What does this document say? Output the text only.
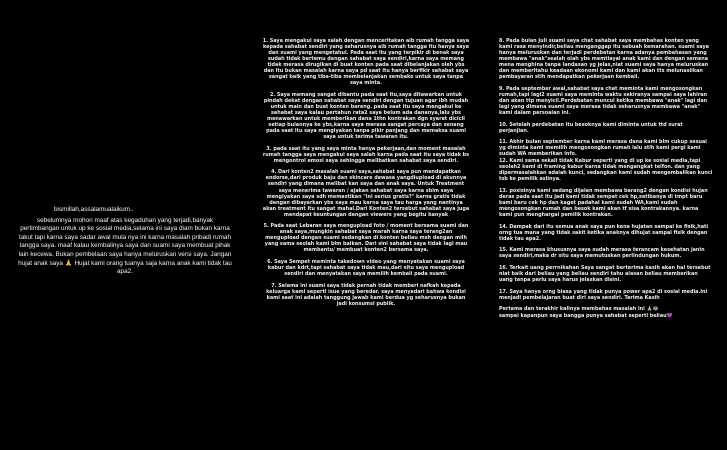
bismillah,assalamualaikum..

sebelumnya mohon maaf atas kegaduhan yang terjadi,banyak pertimbangan untuk up ke sosial media,selama ini saya diam bukan karna takut tapi karna saya sadar awal mula nya ini karna masalah pribadi rumah tangga saya. maaf kalau kembalinya saya dan suami saya membuat pihak lain kecewa. Bukan pembelaan saya hanya meluruskan versi saya. Jangan hujat anak saya 🙏 Hujat kami orang tuanya saja karna anak kami tidak tau apa2.

1. Saya mengakui saya salah dengan menceritakan aib rumah tangga saya kepada sahabat sendiri yang seharusnya aib rumah tangga itu hanya saya dan suami yang mengetahui. Pada saat itu yang terpikir di benak saya sudah tidak bertemu dengan sahabat saya sendiri,karna saya memang tidak merasa dirugikan di buat konten pada saat dibelanjakan oleh ybs dan itu bukan masalah karna saya pd saat itu hanya berfikir sahabat saya sangat baik yang tiba-tiba membelanjakan sembako untuk saya tanpa saya minta.

2. Saya memang sangat dibantu pada saat itu,saya ditawarkan untuk pindah dekat dengan sahabat saya sendiri dengan tujuan agar ibh mudah untuk main dan buat konten bareng. pada saat itu saya mengakui ke sahabat saya kalau pertahun rata2 saya belum ada dananya,lalu ybs menawarkan untuk memberikan dana 1thn kontrakan dgn syarat diciciI setiap bulannya ke ybs,karna saya merasa sangat percaya dan senang pada saat itu saya mengiyakan tanpa pikir panjang dan memaksa suami saya untuk terima tawaran itu.

3. pada saat itu yang saya minta hanya pekerjaan,dan moment masalah rumah tangga saya mengakui saya salah karna pada saat itu saya tidak bs mengontrol emosi saya sehingga melibatkan sahabat saya sendiri.

4. Dari konten2 masalah suami saya,sahabat saya pun mendapatkan endorse,dari produk baju dan skincare dewasa yangdiupload di akunnya sendiri yang dimana melibat kan saya dan anak saya. Untuk Treatment saya menerima tawaran / ajakan sahabat saya karna sblm saya mengiyakan saya sdh memastikan "ini serius gratis?" karna gratis tidak dengan dibayarkan ybs saya mau karna saya tau harga yang nantinya akan treatment itu sangat mahal.Dari Konten2 tersebut sahabat saya juga mendapat keuntungan dengan viewers yang begitu banyak

5. Pada saat Lebaran saya mengupload foto / moment bersama suami dan anak saya,mungkin sahabat saya marah karna saya terang2an mengupload dengan suami sedangkan di konten beliau msh dengan milh yang sama seolah kami blm baikan. Dari sini sahabat saya tidak lagi mau membantu/ membuat konten2 bersama saya.

6. Saya Sempet meminta takedown video yang menyatakan suami saya kabur dan kdrt,tapi sahabat saya tidak mau,dari situ saya mengupload sendiri dan menyatakan saya memilih kembali pada suami.

7. Selama ini suami saya tidak pernah tidak memberi nafkah kepada keluarga kami seperti isue yang beredar. saya menyadari bahwa kondisi kami saat ini adalah tanggung jawab kami berdua yg seharusnya bukan jadi konsumsi publik.

8. Pada bulan Juli suami saya chat sahabat saya membahas konten yang kami rasa menyindir,beliau menganggap itu sebuah kemarahan. suami saya hanya meluruskan dan terjadi perdebatan karna adanya pembahasan yang membawa "anak"sealah olah ybs memtiayai anak kami dan dengan semena mena menghina tanpa landasan yg jelas,niat suami saya hanya meluruskan dan memberitahu keadaan ekonomi kami dan kami akan tts melunasiikan pembayaran stlh mendapatkan pekerjaan kembali.

9. Pada september awal,sahabat saya chat meminta kami mengosongkan rumah,tapi lagi2 suami saya meminta waktu sekiranya sampai saya lahiran dan akan ttp menyicil.Perdebatan muncul ketika membawa "anak" lagi dan lagi yang dimana suami saya merasa tidak seharusnya membawa "anak" kami dalam persoalan ini.

10. Setelah perdebatan itu besoknya kami diminta untuk ttd surat perjanjian.

11. Akhir bulan september karna kami merasa dana kami blm cukup sesuai yg diminta kami memilih mengosongkan rumah lalu stlh kami pergi kami sudah WA memberikan info.

12. Kami sama sekali tidak Kabur seperti yang di up ke sosial media,tapi seolah2 kami di framing kabur karna tidak mengangkat telfon. dan yang dipermasalahkan adalah kunci, sedangkan kami sudah mengembalikan kunci tsb ke pemilik aslinya.

13. posisinya kami sedang dijalan membawa barang2 dengan kondisi hujan deras pada saat itu jadi kami tidak sempat cek hp,setibanya di tmpt baru kami baru cek hp dan kaget padahal kami sudah WA,kami sudah mengosongkan rumah dan besok kami akan tf sisa kontrakannya. karna kami pun menghargai pemilik kontrakan.

14. Dampak dari itu semua anak saya pun kena hujatan sampai ke fisik,hati orng tua mana yang tidak sakit ketika anaknya dihujat sampai fisik dengan tidak tau apa2.

15. Kami merasa khususnya saya sudah merasa terancam kesehatan janin saya sendiri,maka dr situ saya memutuskan perlindungan hukum.

16. Terkait uang perrnikahan Saya sangat berterima kasih akan hal tersebut niat baik dari beliau yang beliau sendiri tahu alasan beliau memberikan uang tanpa perlu saya harus jelaskan disini.

17. Saya hanya orng biasa yang tidak punya power apa2 di sosial media.ini menjadi pembelajaran buat diri saya sendiri. Terima Kasih

Pertama dan terakhir kalinya membahas masalah ini 🙏😂

sampai kapanpun saya bangga punya sahabat seperti beliau💜
